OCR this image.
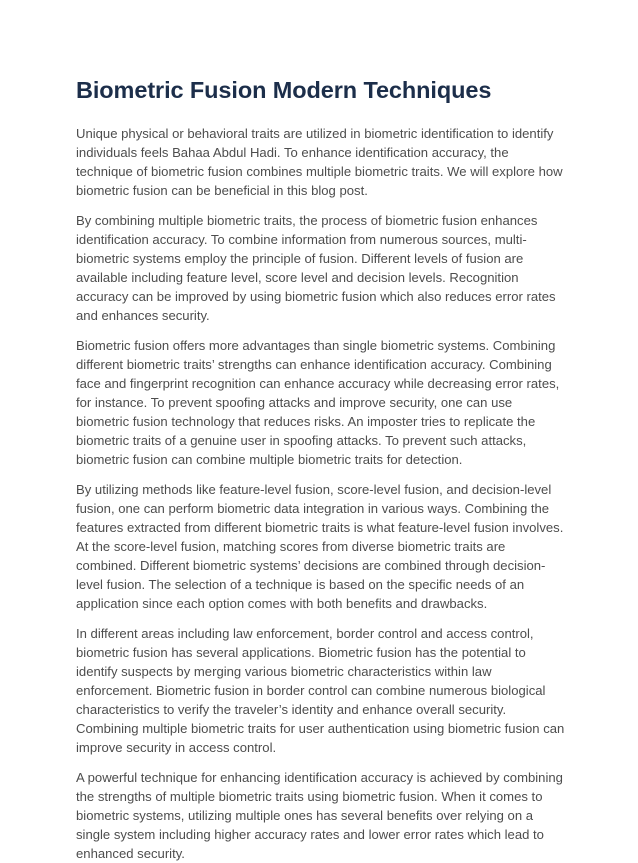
Biometric Fusion Modern Techniques

Unique physical or behavioral traits are utilized in biometric identification to identify individuals feels Bahaa Abdul Hadi. To enhance identification accuracy, the technique of biometric fusion combines multiple biometric traits. We will explore how biometric fusion can be beneficial in this blog post.

By combining multiple biometric traits, the process of biometric fusion enhances identification accuracy. To combine information from numerous sources, multi-biometric systems employ the principle of fusion. Different levels of fusion are available including feature level, score level and decision levels. Recognition accuracy can be improved by using biometric fusion which also reduces error rates and enhances security.

Biometric fusion offers more advantages than single biometric systems. Combining different biometric traits’ strengths can enhance identification accuracy. Combining face and fingerprint recognition can enhance accuracy while decreasing error rates, for instance. To prevent spoofing attacks and improve security, one can use biometric fusion technology that reduces risks. An imposter tries to replicate the biometric traits of a genuine user in spoofing attacks. To prevent such attacks, biometric fusion can combine multiple biometric traits for detection.

By utilizing methods like feature-level fusion, score-level fusion, and decision-level fusion, one can perform biometric data integration in various ways. Combining the features extracted from different biometric traits is what feature-level fusion involves. At the score-level fusion, matching scores from diverse biometric traits are combined. Different biometric systems’ decisions are combined through decision-level fusion. The selection of a technique is based on the specific needs of an application since each option comes with both benefits and drawbacks.

In different areas including law enforcement, border control and access control, biometric fusion has several applications. Biometric fusion has the potential to identify suspects by merging various biometric characteristics within law enforcement. Biometric fusion in border control can combine numerous biological characteristics to verify the traveler’s identity and enhance overall security. Combining multiple biometric traits for user authentication using biometric fusion can improve security in access control.

A powerful technique for enhancing identification accuracy is achieved by combining the strengths of multiple biometric traits using biometric fusion. When it comes to biometric systems, utilizing multiple ones has several benefits over relying on a single system including higher accuracy rates and lower error rates which lead to enhanced security.
